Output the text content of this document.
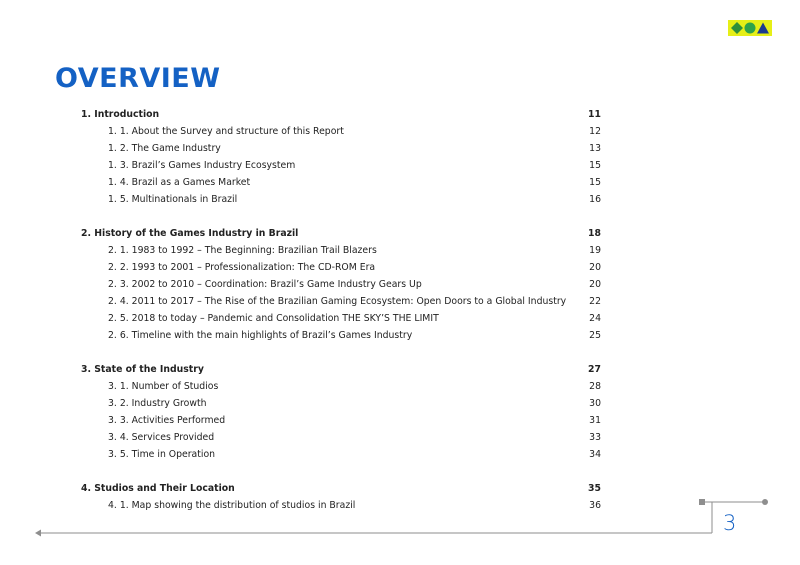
OVERVIEW
1. Introduction	11
1. 1. About the Survey and structure of this Report	12
1. 2. The Game Industry	13
1. 3. Brazil’s Games Industry Ecosystem	15
1. 4. Brazil as a Games Market	15
1. 5. Multinationals in Brazil	16
2. History of the Games Industry in Brazil	18
2. 1. 1983 to 1992 – The Beginning: Brazilian Trail Blazers	19
2. 2. 1993 to 2001 – Professionalization: The CD-ROM Era	20
2. 3. 2002 to 2010 – Coordination: Brazil’s Game Industry Gears Up	20
2. 4. 2011 to 2017 – The Rise of the Brazilian Gaming Ecosystem: Open Doors to a Global Industry 22
2. 5. 2018 to today – Pandemic and Consolidation THE SKY’S THE LIMIT	24
2. 6. Timeline with the main highlights of Brazil’s Games Industry	25
3. State of the Industry	27
3. 1. Number of Studios	28
3. 2. Industry Growth	30
3. 3. Activities Performed	31
3. 4. Services Provided	33
3. 5. Time in Operation	34
4. Studios and Their Location	35
4. 1. Map showing the distribution of studios in Brazil	36
3
